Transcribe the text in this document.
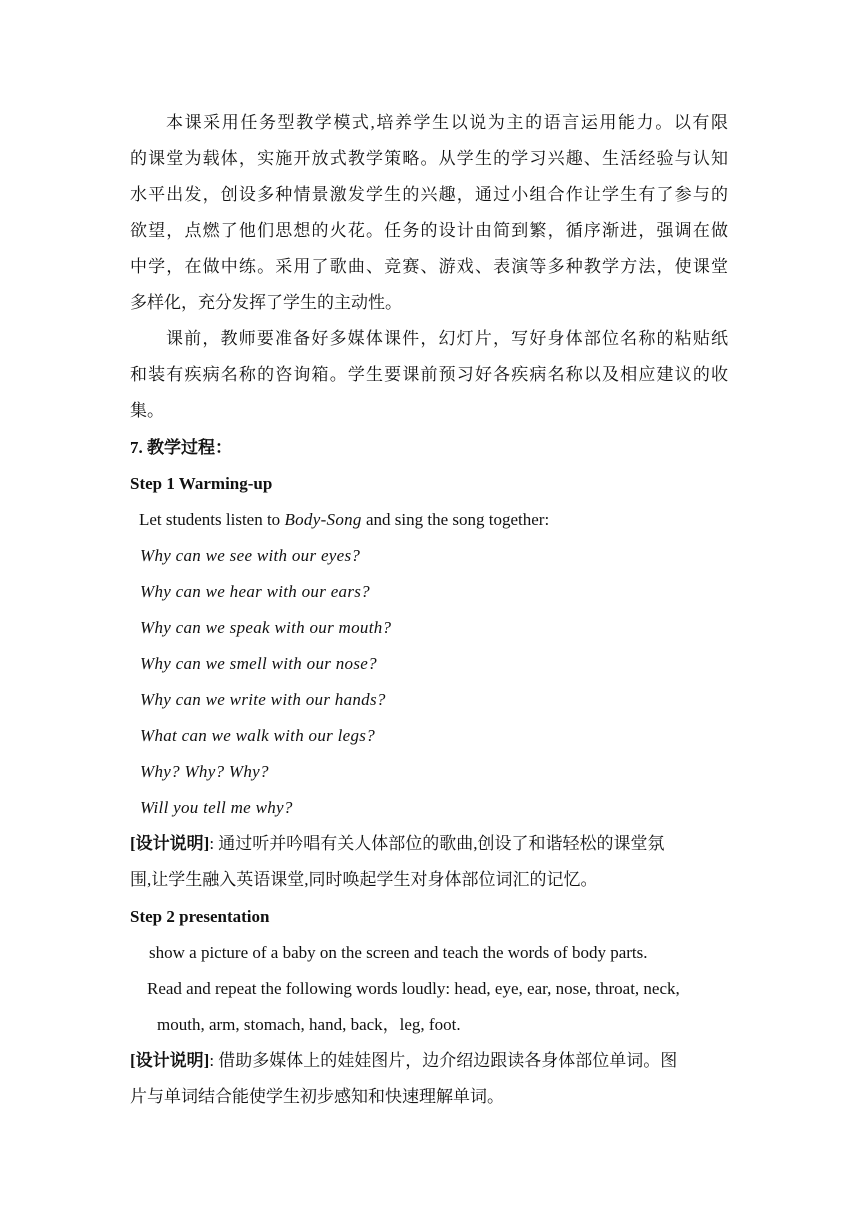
本课采用任务型教学模式,培养学生以说为主的语言运用能力。以有限

的课堂为载体，实施开放式教学策略。从学生的学习兴趣、生活经验与认知

水平出发，创设多种情景激发学生的兴趣，通过小组合作让学生有了参与的

欲望，点燃了他们思想的火花。任务的设计由简到繁，循序渐进，强调在做

中学，在做中练。采用了歌曲、竞赛、游戏、表演等多种教学方法，使课堂

多样化，充分发挥了学生的主动性。

课前，教师要准备好多媒体课件，幻灯片，写好身体部位名称的粘贴纸

和装有疾病名称的咨询箱。学生要课前预习好各疾病名称以及相应建议的收

集。

7. 教学过程：

Step 1 Warming-up

Let students listen to Body-Song and sing the song together:

Why can we see with our eyes?

Why can we hear with our ears?

Why can we speak with our mouth?

Why can we smell with our nose?

Why can we write with our hands?

What can we walk with our legs?

Why? Why? Why?

Will you tell me why?

[设计说明]: 通过听并吟唱有关人体部位的歌曲,创设了和谐轻松的课堂氛

围,让学生融入英语课堂,同时唤起学生对身体部位词汇的记忆。

Step 2 presentation

show a picture of a baby on the screen and teach the words of body parts.

Read and repeat the following words loudly: head, eye, ear, nose, throat, neck,

mouth, arm, stomach, hand, back，leg, foot.

[设计说明]: 借助多媒体上的娃娃图片，边介绍边跟读各身体部位单词。图

片与单词结合能使学生初步感知和快速理解单词。
